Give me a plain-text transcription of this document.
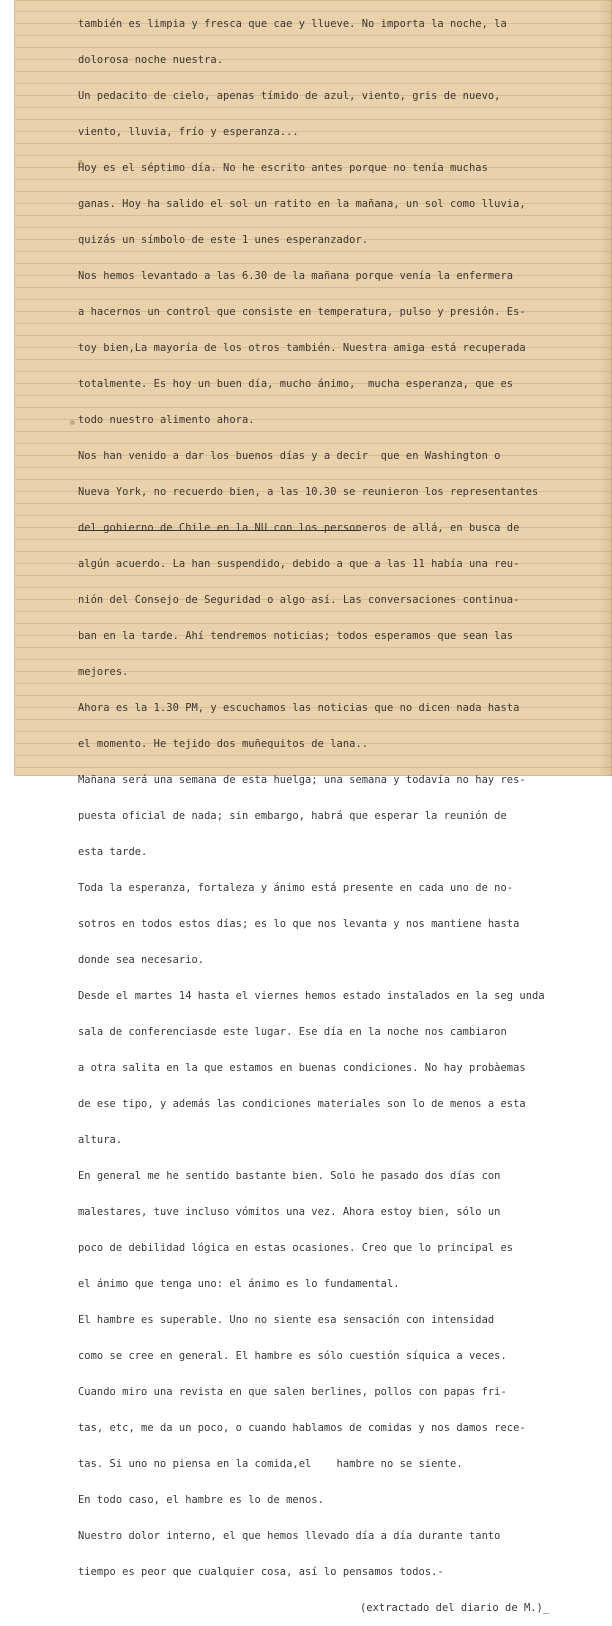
también es limpia y fresca que cae y llueve. No importa la noche, la

dolorosa noche nuestra.

Un pedacito de cielo, apenas tímido de azul, viento, gris de nuevo,

viento, lluvia, frío y esperanza...

Hoy es el séptimo día. No he escrito antes porque no tenía muchas

ganas. Hoy ha salido el sol un ratito en la mañana, un sol como lluvia,

quizás un símbolo de este 1 unes esperanzador.

Nos hemos levantado a las 6.30 de la mañana porque venía la enfermera

a hacernos un control que consiste en temperatura, pulso y presión. Es-

toy bien,La mayoría de los otros también. Nuestra amiga está recuperada

totalmente. Es hoy un buen día, mucho ánimo,  mucha esperanza, que es

todo nuestro alimento ahora.

Nos han venido a dar los buenos días y a decir  que en Washington o

Nueva York, no recuerdo bien, a las 10.30 se reunieron los representantes

del gobierno de Chile en la NU con los personeros de allá, en busca de

algún acuerdo. La han suspendido, debido a que a las 11 había una reu-

nión del Consejo de Seguridad o algo así. Las conversaciones continua-

ban en la tarde. Ahí tendremos noticias; todos esperamos que sean las

mejores.

Ahora es la 1.30 PM, y escuchamos las noticias que no dicen nada hasta

el momento. He tejido dos muñequitos de lana..

Mañana será una semana de esta huelga; una semana y todavía no hay res-

puesta oficial de nada; sin embargo, habrá que esperar la reunión de

esta tarde.

Toda la esperanza, fortaleza y ánimo está presente en cada uno de no-

sotros en todos estos días; es lo que nos levanta y nos mantiene hasta

donde sea necesario.

Desde el martes 14 hasta el viernes hemos estado instalados en la seg unda

sala de conferenciasde este lugar. Ese día en la noche nos cambiaron

a otra salita en la que estamos en buenas condiciones. No hay probàemas

de ese tipo, y además las condiciones materiales son lo de menos a esta

altura.

En general me he sentido bastante bien. Solo he pasado dos días con

malestares, tuve incluso vómitos una vez. Ahora estoy bien, sólo un

poco de debilidad lógica en estas ocasiones. Creo que lo principal es

el ánimo que tenga uno: el ánimo es lo fundamental.

El hambre es superable. Uno no siente esa sensación con intensidad

como se cree en general. El hambre es sólo cuestión síquica a veces.

Cuando miro una revista en que salen berlines, pollos con papas fri-

tas, etc, me da un poco, o cuando hablamos de comidas y nos damos rece-

tas. Si uno no piensa en la comida,el    hambre no se siente.

En todo caso, el hambre es lo de menos.

Nuestro dolor interno, el que hemos llevado día a día durante tanto

tiempo es peor que cualquier cosa, así lo pensamos todos.-

(extractado del diario de M.)_
